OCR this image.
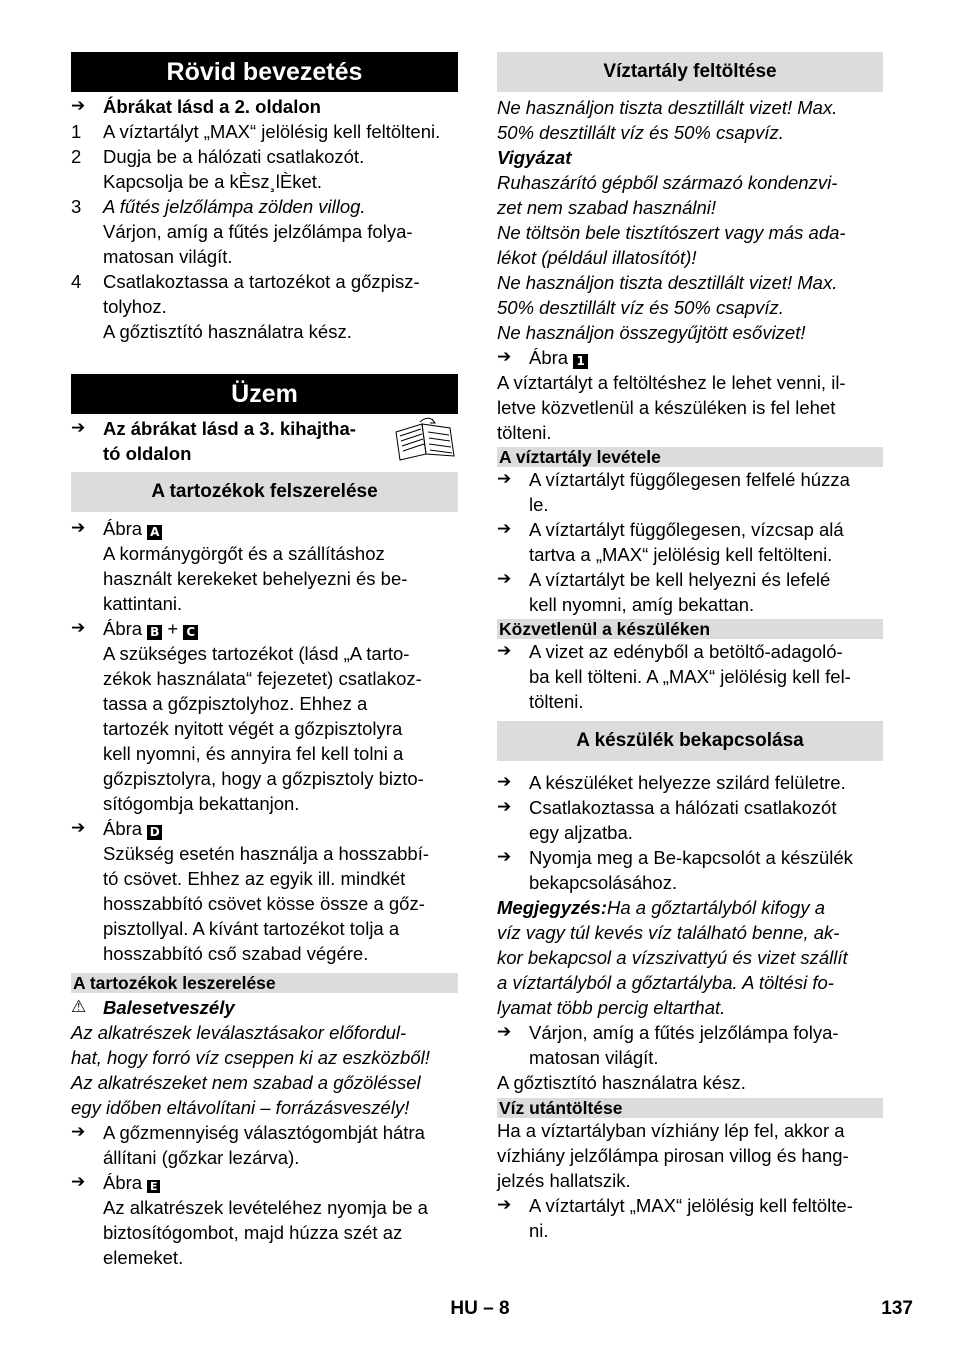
Rövid bevezetés
➔ Ábrákat lásd a 2. oldalon
1	A víztartályt „MAX“ jelölésig kell feltölteni.
2	Dugja be a hálózati csatlakozót.
Kapcsolja be a kÈsz¸lÈket.
3	A fűtés jelzőlámpa zölden villog.
Várjon, amíg a fűtés jelzőlámpa folya-
matosan világít.
4	Csatlakoztassa a tartozékot a gőzpisz-
tolyhoz.
A gőztisztító használatra kész.
Üzem
➔ Az ábrákat lásd a 3. kihajtha-
tó oldalon
A tartozékok felszerelése
➔ Ábra A
A kormánygörgőt és a szállításhoz
használt kerekeket behelyezni és be-
kattintani.
➔ Ábra B + C
A szükséges tartozékot (lásd „A tarto-
zékok használata“ fejezetet) csatlakoz-
tassa a gőzpisztolyhoz. Ehhez a
tartozék nyitott végét a gőzpisztolyra
kell nyomni, és annyira fel kell tolni a
gőzpisztolyra, hogy a gőzpisztoly bizto-
sítógombja bekattanjon.
➔ Ábra D
Szükség esetén használja a hosszabbí-
tó csövet. Ehhez az egyik ill. mindkét
hosszabbító csövet kösse össze a gőz-
pisztollyal. A kívánt tartozékot tolja a
hosszabbító cső szabad végére.
A tartozékok leszerelése
⚠ Balesetveszély
Az alkatrészek leválasztásakor előfordul-
hat, hogy forró víz cseppen ki az eszközből!
Az alkatrészeket nem szabad a gőzöléssel
egy időben eltávolítani – forrázásveszély!
➔ A gőzmennyiség választógombját hátra
állítani (gőzkar lezárva).
➔ Ábra E
Az alkatrészek levételéhez nyomja be a
biztosítógombot, majd húzza szét az
elemeket.
Víztartály feltöltése
Ne használjon tiszta desztillált vizet! Max.
50% desztillált víz és 50% csapvíz.
Vigyázat
Ruhaszárító gépből származó kondenzvi-
zet nem szabad használni!
Ne töltsön bele tisztítószert vagy más ada-
lékot (például illatosítót)!
Ne használjon tiszta desztillált vizet! Max.
50% desztillált víz és 50% csapvíz.
Ne használjon összegyűjtött esővizet!
➔ Ábra 1
A víztartályt a feltöltéshez le lehet venni, il-
letve közvetlenül a készüléken is fel lehet
tölteni.
A víztartály levétele
➔ A víztartályt függőlegesen felfelé húzza
le.
➔ A víztartályt függőlegesen, vízcsap alá
tartva a „MAX“ jelölésig kell feltölteni.
➔ A víztartályt be kell helyezni és lefelé
kell nyomni, amíg bekattan.
Közvetlenül a készüléken
➔ A vizet az edényből a betöltő-adagoló-
ba kell tölteni. A „MAX“ jelölésig kell fel-
tölteni.
A készülék bekapcsolása
➔ A készüléket helyezze szilárd felületre.
➔ Csatlakoztassa a hálózati csatlakozót
egy aljzatba.
➔ Nyomja meg a Be-kapcsolót a készülék
bekapcsolásához.
Megjegyzés:Ha a gőztartályból kifogy a
víz vagy túl kevés víz található benne, ak-
kor bekapcsol a vízszivattyú és vizet szállít
a víztartályból a gőztartályba. A töltési fo-
lyamat több percig eltarthat.
➔ Várjon, amíg a fűtés jelzőlámpa folya-
matosan világít.
A gőztisztító használatra kész.
Víz utántöltése
Ha a víztartályban vízhiány lép fel, akkor a
vízhiány jelzőlámpa pirosan villog és hang-
jelzés hallatszik.
➔ A víztartályt „MAX“ jelölésig kell feltölte-
ni.
HU – 8	137
